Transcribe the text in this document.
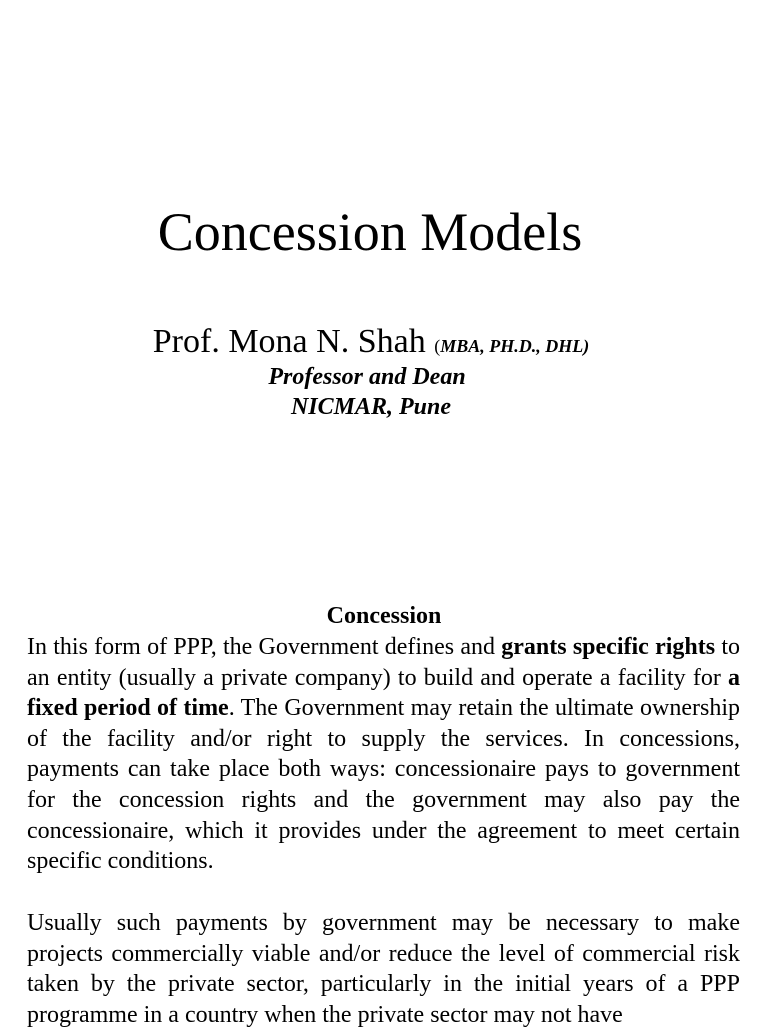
Concession Models
Prof. Mona N. Shah (MBA, PH.D., DHL)
Professor and Dean
NICMAR, Pune
Concession

In this form of PPP, the Government defines and grants specific rights to an entity (usually a private company) to build and operate a facility for a fixed period of time. The Government may retain the ultimate ownership of the facility and/or right to supply the services. In concessions, payments can take place both ways: concessionaire pays to government for the concession rights and the government may also pay the concessionaire, which it provides under the agreement to meet certain specific conditions.

Usually such payments by government may be necessary to make projects commercially viable and/or reduce the level of commercial risk taken by the private sector, particularly in the initial years of a PPP programme in a country when the private sector may not have
